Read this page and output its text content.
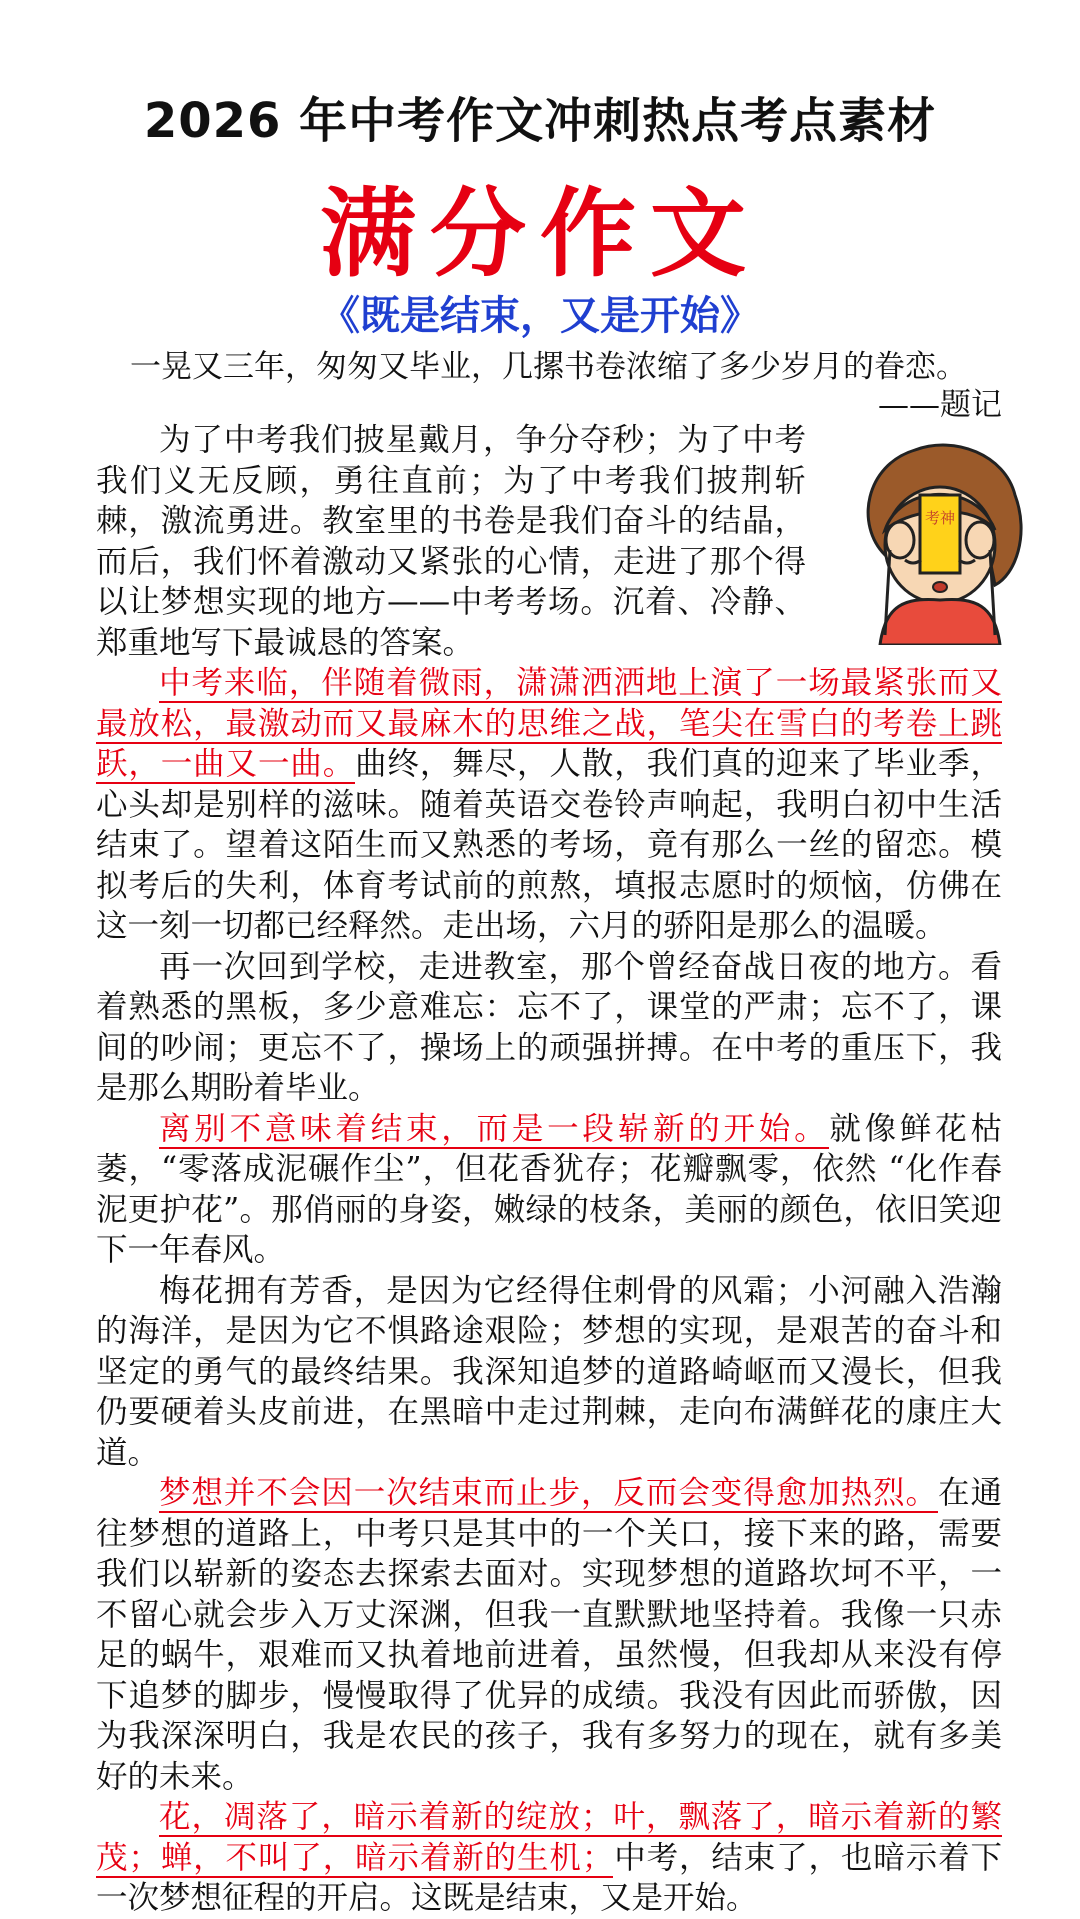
2026 年中考作文冲刺热点考点素材
满分作文
《既是结束，又是开始》
一晃又三年，匆匆又毕业，几摞书卷浓缩了多少岁月的眷恋。
——题记
考神

为了中考我们披星戴月，争分夺秒；为了中考我们义无反顾，勇往直前；为了中考我们披荆斩棘，激流勇进。教室里的书卷是我们奋斗的结晶，而后，我们怀着激动又紧张的心情，走进了那个得以让梦想实现的地方——中考考场。沉着、冷静、郑重地写下最诚恳的答案。

中考来临，伴随着微雨，潇潇洒洒地上演了一场最紧张而又最放松，最激动而又最麻木的思维之战，笔尖在雪白的考卷上跳跃，一曲又一曲。曲终，舞尽，人散，我们真的迎来了毕业季，心头却是别样的滋味。随着英语交卷铃声响起，我明白初中生活结束了。望着这陌生而又熟悉的考场，竟有那么一丝的留恋。模拟考后的失利，体育考试前的煎熬，填报志愿时的烦恼，仿佛在这一刻一切都已经释然。走出场，六月的骄阳是那么的温暖。

再一次回到学校，走进教室，那个曾经奋战日夜的地方。看着熟悉的黑板，多少意难忘：忘不了，课堂的严肃；忘不了，课间的吵闹；更忘不了，操场上的顽强拼搏。在中考的重压下，我是那么期盼着毕业。

离别不意味着结束，而是一段崭新的开始。就像鲜花枯萎，“零落成泥碾作尘”，但花香犹存；花瓣飘零，依然 “化作春泥更护花”。那俏丽的身姿，嫩绿的枝条，美丽的颜色，依旧笑迎下一年春风。

梅花拥有芳香，是因为它经得住刺骨的风霜；小河融入浩瀚的海洋，是因为它不惧路途艰险；梦想的实现，是艰苦的奋斗和坚定的勇气的最终结果。我深知追梦的道路崎岖而又漫长，但我仍要硬着头皮前进，在黑暗中走过荆棘，走向布满鲜花的康庄大道。

梦想并不会因一次结束而止步，反而会变得愈加热烈。在通往梦想的道路上，中考只是其中的一个关口，接下来的路，需要我们以崭新的姿态去探索去面对。实现梦想的道路坎坷不平，一不留心就会步入万丈深渊，但我一直默默地坚持着。我像一只赤足的蜗牛，艰难而又执着地前进着，虽然慢，但我却从来没有停下追梦的脚步，慢慢取得了优异的成绩。我没有因此而骄傲，因为我深深明白，我是农民的孩子，我有多努力的现在，就有多美好的未来。

花，凋落了，暗示着新的绽放；叶，飘落了，暗示着新的繁茂；蝉，不叫了，暗示着新的生机；中考，结束了，也暗示着下一次梦想征程的开启。这既是结束，又是开始。
